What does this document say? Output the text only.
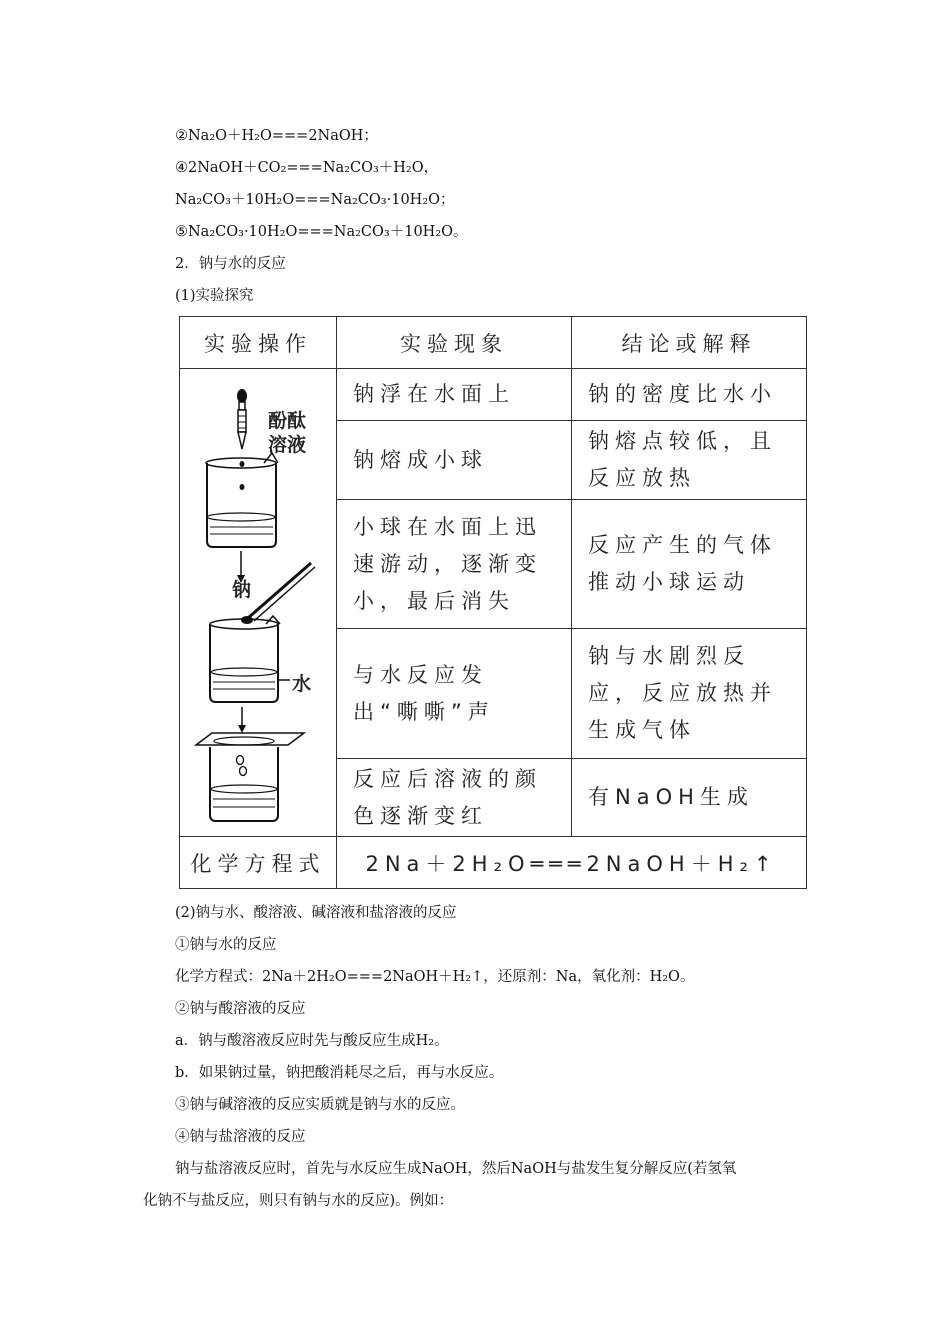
②Na₂O＋H₂O===2NaOH；
④2NaOH＋CO₂===Na₂CO₃＋H₂O，
Na₂CO₃＋10H₂O===Na₂CO₃·10H₂O；
⑤Na₂CO₃·10H₂O===Na₂CO₃＋10H₂O。
2．钠与水的反应
(1)实验探究
实验操作	实验现象	结论或解释

酚酞溶液
钠
水	钠浮在水面上	钠的密度比水小
	钠熔成小球	钠熔点较低，且反应放热
	小球在水面上迅速游动，逐渐变小，最后消失	反应产生的气体推动小球运动
	与水反应发出“嘶嘶”声	钠与水剧烈反应，反应放热并生成气体
	反应后溶液的颜色逐渐变红	有NaOH生成
化学方程式	2Na＋2H₂O═══2NaOH＋H₂↑	
(2)钠与水、酸溶液、碱溶液和盐溶液的反应
①钠与水的反应
化学方程式：2Na＋2H₂O===2NaOH＋H₂↑，还原剂：Na，氧化剂：H₂O。
②钠与酸溶液的反应
a．钠与酸溶液反应时先与酸反应生成H₂。
b．如果钠过量，钠把酸消耗尽之后，再与水反应。
③钠与碱溶液的反应实质就是钠与水的反应。
④钠与盐溶液的反应
钠与盐溶液反应时，首先与水反应生成NaOH，然后NaOH与盐发生复分解反应(若氢氧
化钠不与盐反应，则只有钠与水的反应)。例如：
